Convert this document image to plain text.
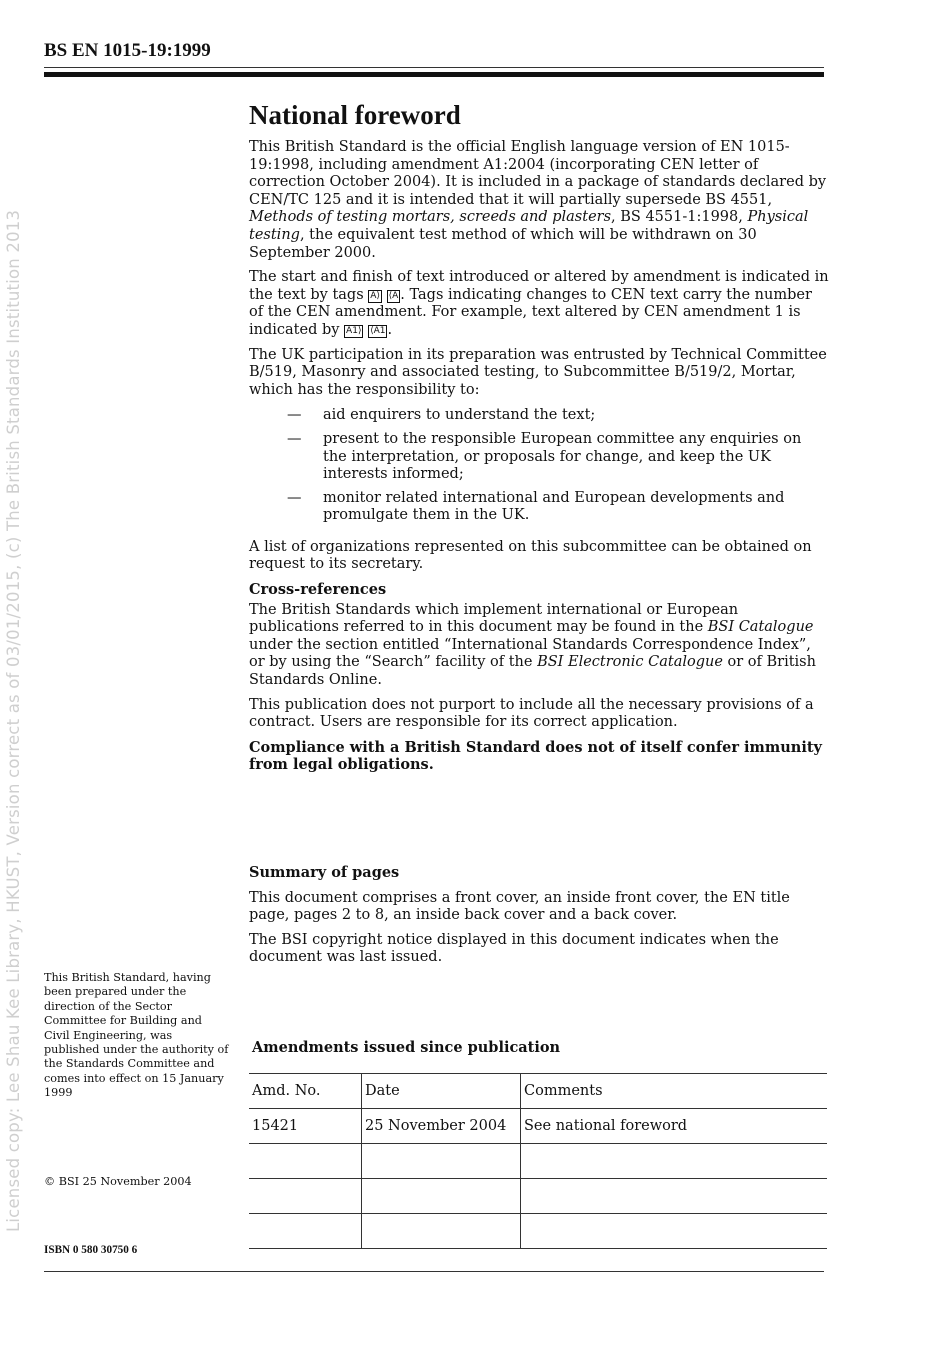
BS EN 1015-19:1999
Licensed copy: Lee Shau Kee Library, HKUST, Version correct as of 03/01/2015, (c) The British Standards Institution 2013
National foreword

This British Standard is the official English language version of EN 1015-19:1998, including amendment A1:2004 (incorporating CEN letter of correction October 2004). It is included in a package of standards declared by CEN/TC 125 and it is intended that it will partially supersede BS 4551, Methods of testing mortars, screeds and plasters, BS 4551-1:1998, Physical testing, the equivalent test method of which will be withdrawn on 30 September 2000.

The start and finish of text introduced or altered by amendment is indicated in the text by tags A ⟩ ⟨ A . Tags indicating changes to CEN text carry the number of the CEN amendment. For example, text altered by CEN amendment 1 is indicated by A1 ⟩ ⟨ A1 .

The UK participation in its preparation was entrusted by Technical Committee B/519, Masonry and associated testing, to Subcommittee B/519/2, Mortar, which has the responsibility to:

—	aid enquirers to understand the text;
—	present to the responsible European committee any enquiries on the interpretation, or proposals for change, and keep the UK interests informed;
—	monitor related international and European developments and promulgate them in the UK.

A list of organizations represented on this subcommittee can be obtained on request to its secretary.

Cross-references

The British Standards which implement international or European publications referred to in this document may be found in the BSI Catalogue under the section entitled “International Standards Correspondence Index”, or by using the “Search” facility of the BSI Electronic Catalogue or of British Standards Online.

This publication does not purport to include all the necessary provisions of a contract. Users are responsible for its correct application.

Compliance with a British Standard does not of itself confer immunity from legal obligations.

Summary of pages

This document comprises a front cover, an inside front cover, the EN title page, pages 2 to 8, an inside back cover and a back cover.

The BSI copyright notice displayed in this document indicates when the document was last issued.

This British Standard, having been prepared under the direction of the Sector Committee for Building and Civil Engineering, was published under the authority of the Standards Committee and comes into effect on 15 January 1999
Amendments issued since publication
Amd. No.	Date	Comments
15421	25 November 2004	See national foreword

© BSI 25 November 2004
ISBN 0 580 30750 6
